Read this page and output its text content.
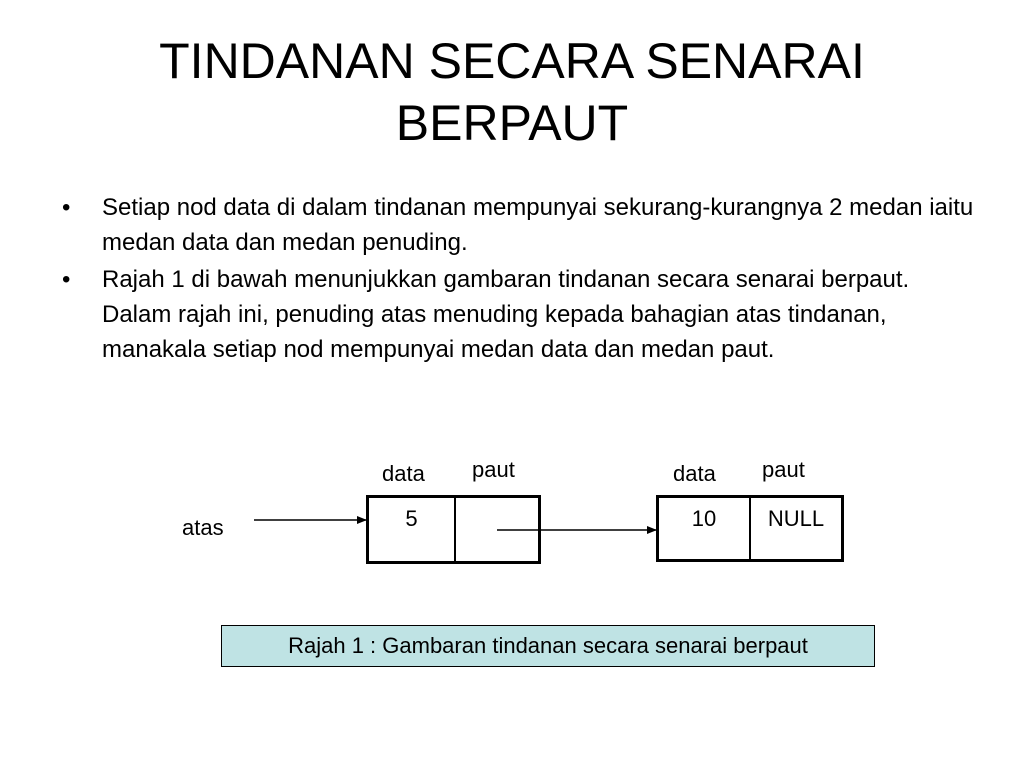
TINDANAN SECARA SENARAI
BERPAUT
• Setiap nod data di dalam tindanan mempunyai sekurang-kurangnya 2 medan iaitu medan data dan medan penuding.
• Rajah 1 di bawah menunjukkan gambaran tindanan secara senarai berpaut. Dalam rajah ini, penuding atas menuding kepada bahagian atas tindanan, manakala setiap nod mempunyai medan data dan medan paut.
atas
data paut
5
data paut
10	NULL
Rajah 1 : Gambaran tindanan secara senarai berpaut
